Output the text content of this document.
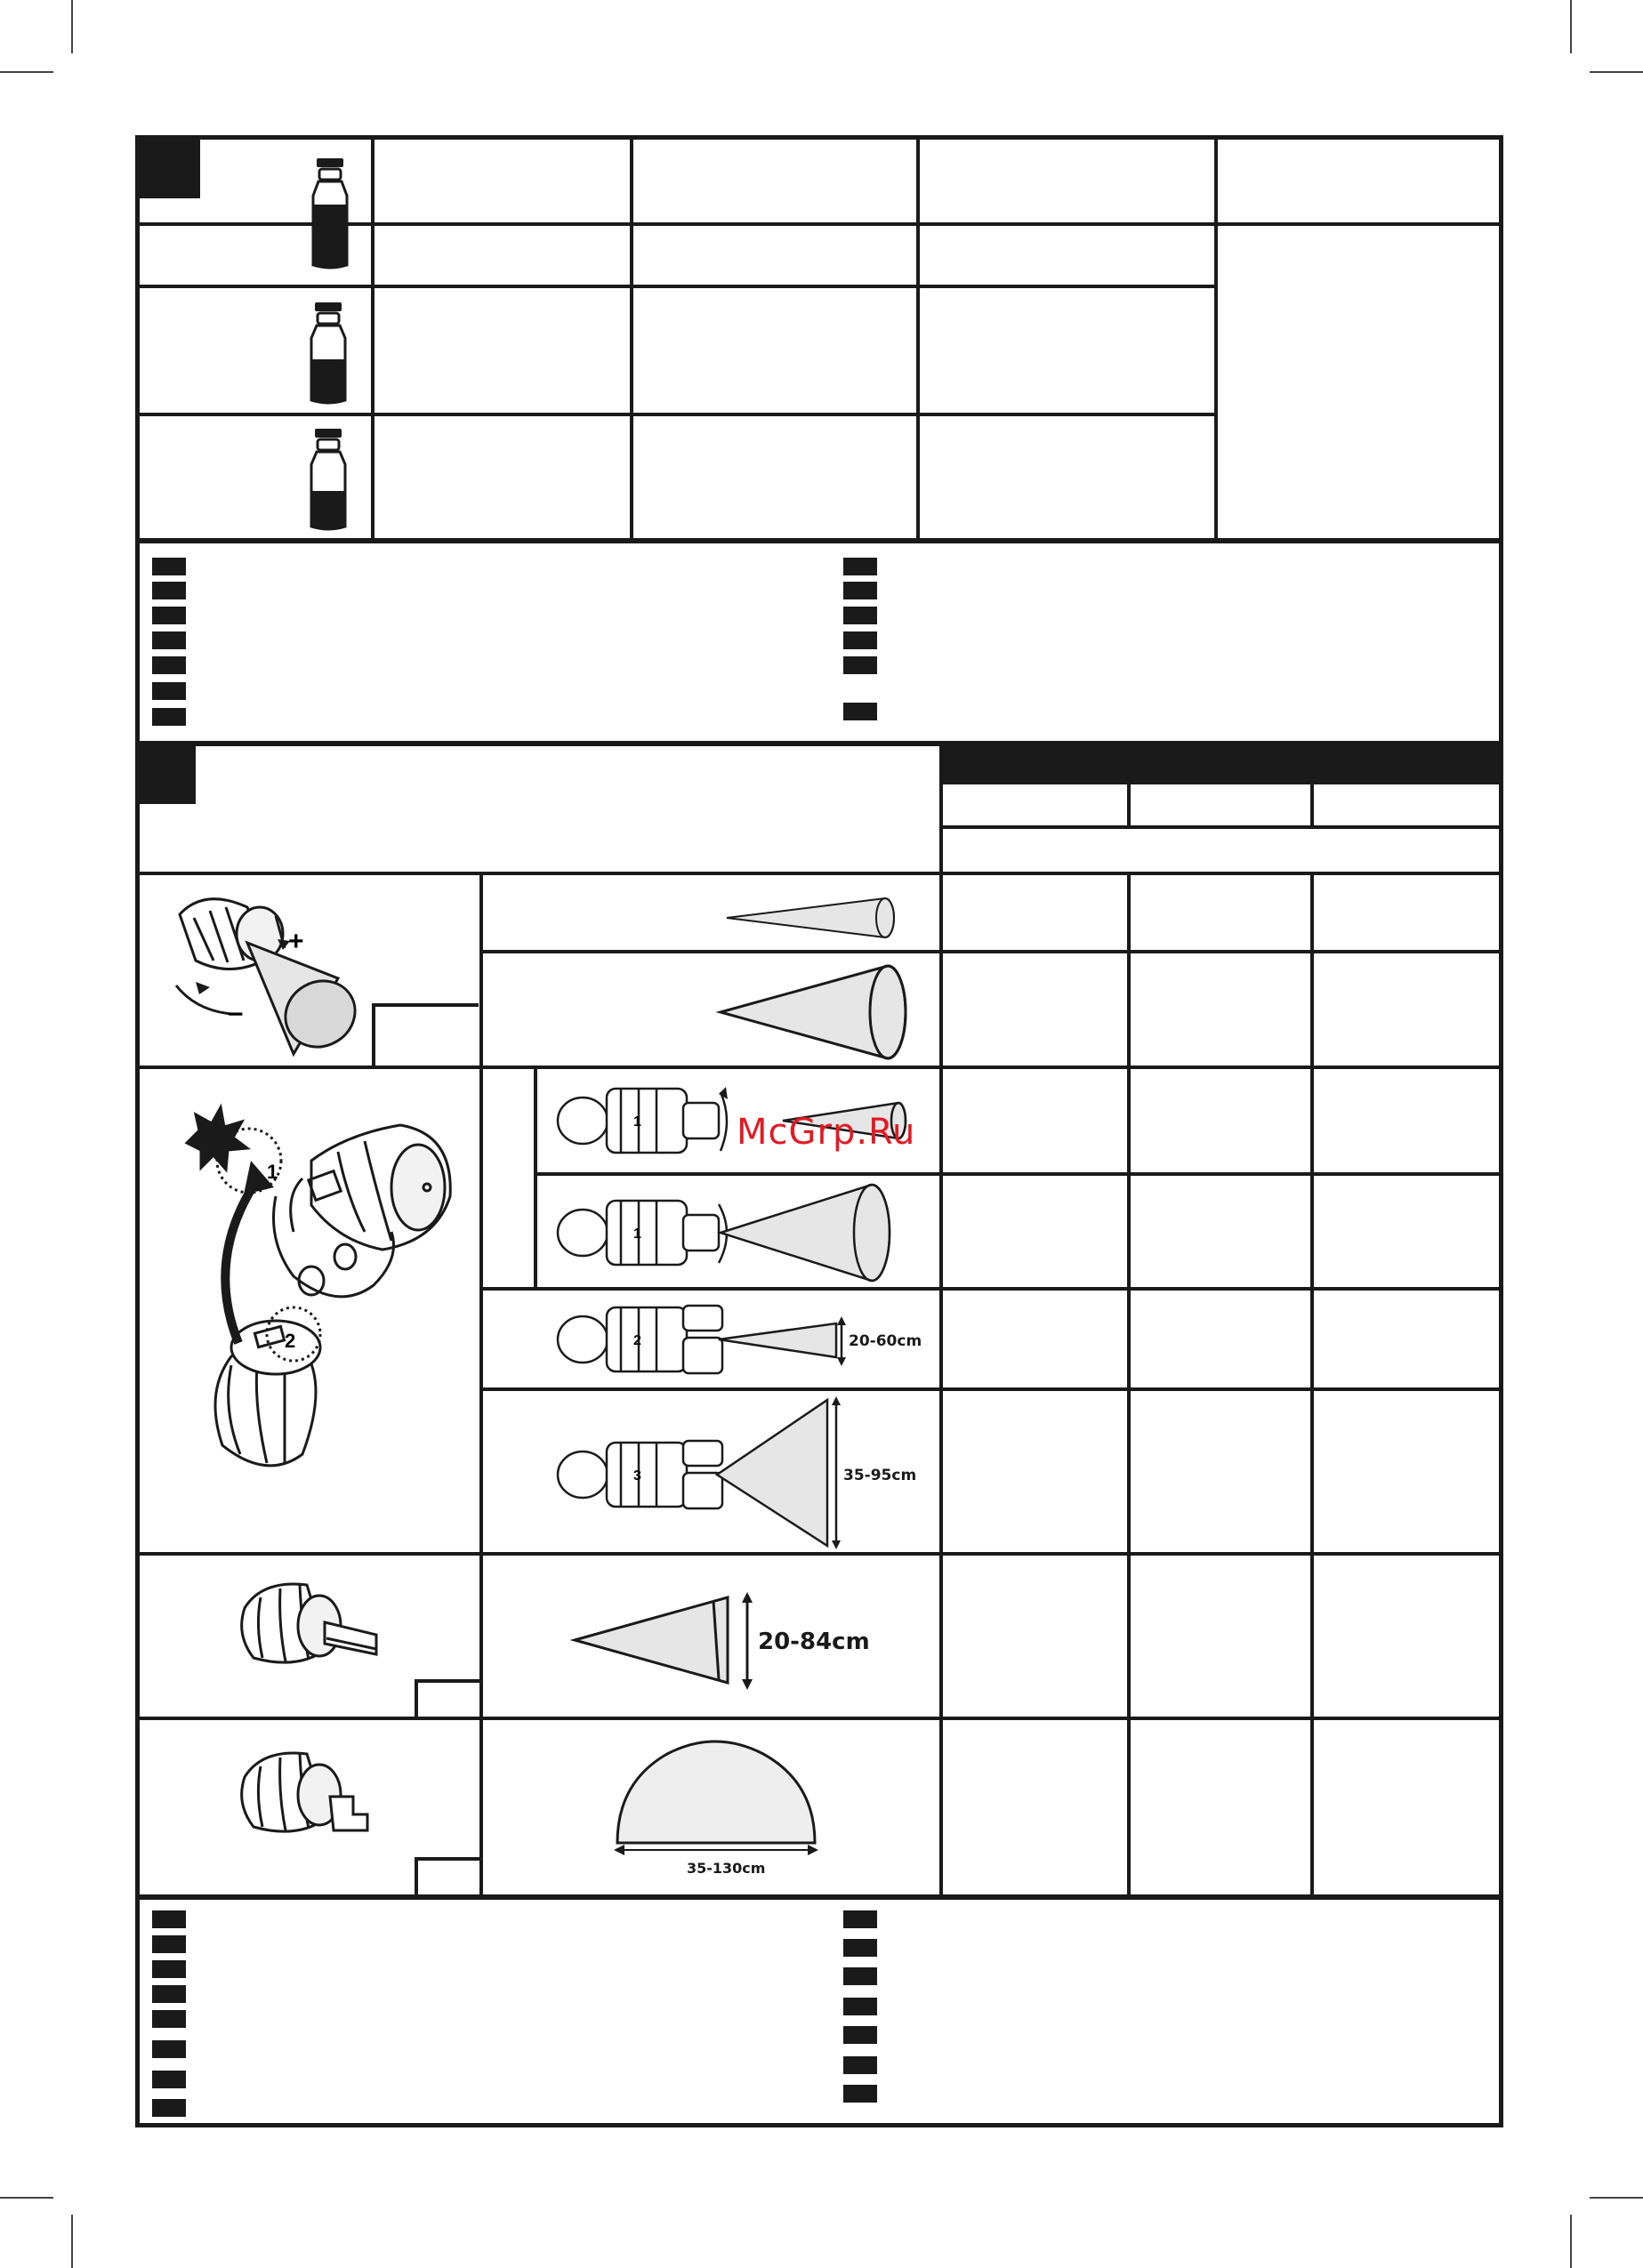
+
−
1
2
1
1
2	20-60cm
3	35-95cm
20-84cm
35-130cm
McGrp.Ru
